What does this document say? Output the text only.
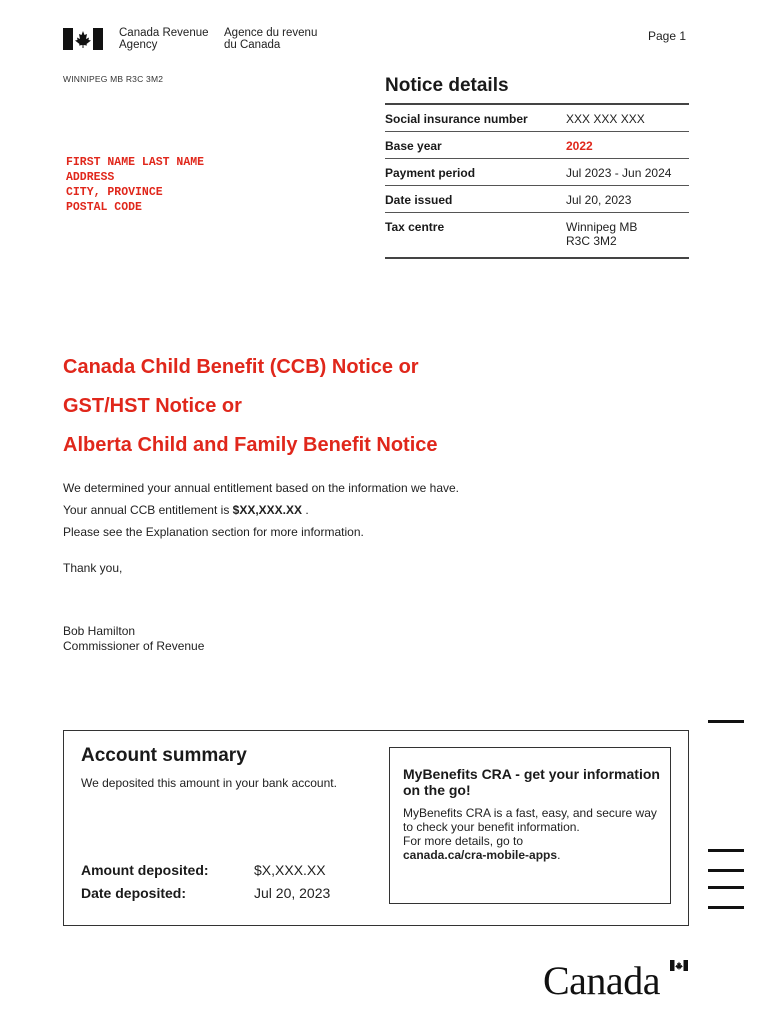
Canada Revenue
Agency
Agence du revenu
du Canada
Page 1
WINNIPEG MB R3C 3M2
FIRST NAME LAST NAME
ADDRESS
CITY, PROVINCE
POSTAL CODE
Notice details
Social insurance number	XXX XXX XXX
Base year	2022
Payment period	Jul 2023 - Jun 2024
Date issued	Jul 20, 2023
Tax centre	Winnipeg MB
R3C 3M2
Canada Child Benefit (CCB) Notice or
GST/HST Notice or
Alberta Child and Family Benefit Notice
We determined your annual entitlement based on the information we have.
Your annual CCB entitlement is $XX,XXX.XX .
Please see the Explanation section for more information.
Thank you,
Bob Hamilton
Commissioner of Revenue
Account summary
We deposited this amount in your bank account.
Amount deposited:	$X,XXX.XX
Date deposited:	Jul 20, 2023
MyBenefits CRA - get your information on the go!
MyBenefits CRA is a fast, easy, and secure way to check your benefit information.
For more details, go to
canada.ca/cra-mobile-apps.
Canada
